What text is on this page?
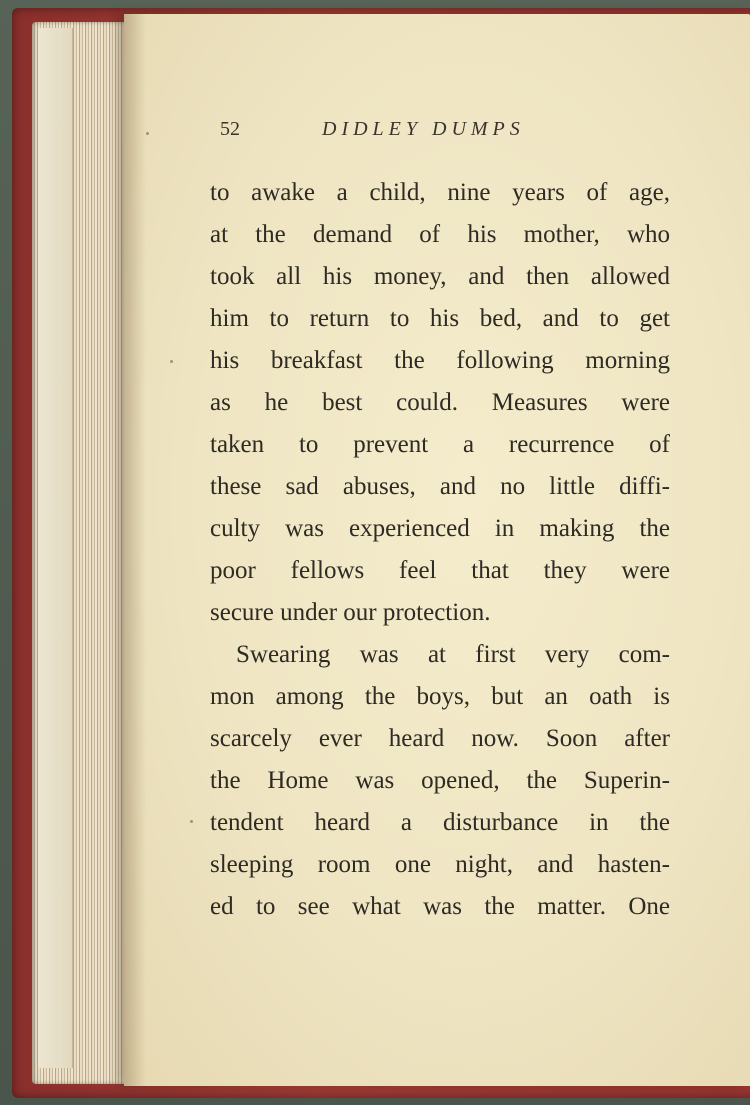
52	DIDLEY DUMPS
to awake a child, nine years of age,
at the demand of his mother, who
took all his money, and then allowed
him to return to his bed, and to get
his breakfast the following morning
as he best could. Measures were
taken to prevent a recurrence of
these sad abuses, and no little diffi-
culty was experienced in making the
poor fellows feel that they were
secure under our protection.
Swearing was at first very com-
mon among the boys, but an oath is
scarcely ever heard now. Soon after
the Home was opened, the Superin-
tendent heard a disturbance in the
sleeping room one night, and hasten-
ed to see what was the matter. One
